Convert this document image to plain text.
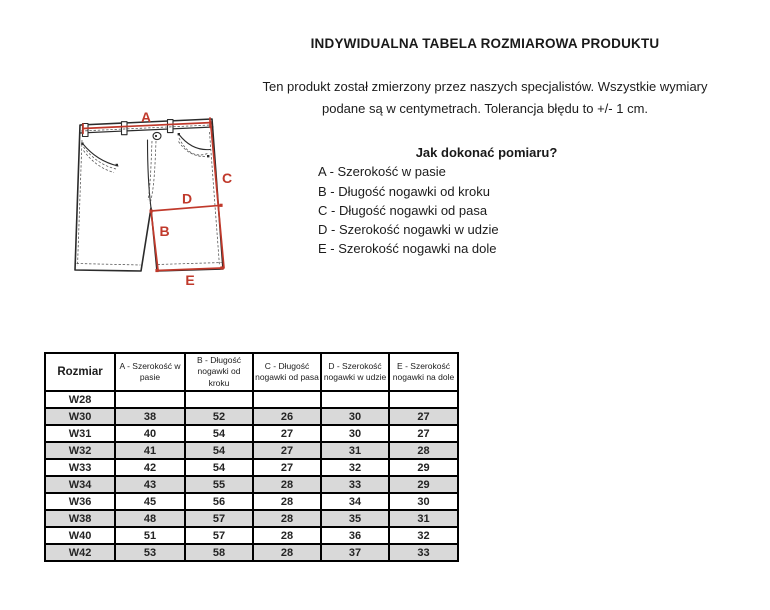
INDYWIDUALNA TABELA ROZMIAROWA PRODUKTU
Ten produkt został zmierzony przez naszych specjalistów. Wszystkie wymiary
podane są w centymetrach. Tolerancja błędu to +/- 1 cm.
Jak dokonać pomiaru?
A - Szerokość w pasie
B - Długość nogawki od kroku
C - Długość nogawki od pasa
D - Szerokość nogawki w udzie
E - Szerokość nogawki na dole
A
C
D
B
E
Rozmiar	A - Szerokość w pasie	B - Długość nogawki od kroku	C - Długość nogawki od pasa	D - Szerokość nogawki w udzie	E - Szerokość nogawki na dole
W28					
W30	38	52	26	30	27
W31	40	54	27	30	27
W32	41	54	27	31	28
W33	42	54	27	32	29
W34	43	55	28	33	29
W36	45	56	28	34	30
W38	48	57	28	35	31
W40	51	57	28	36	32
W42	53	58	28	37	33
